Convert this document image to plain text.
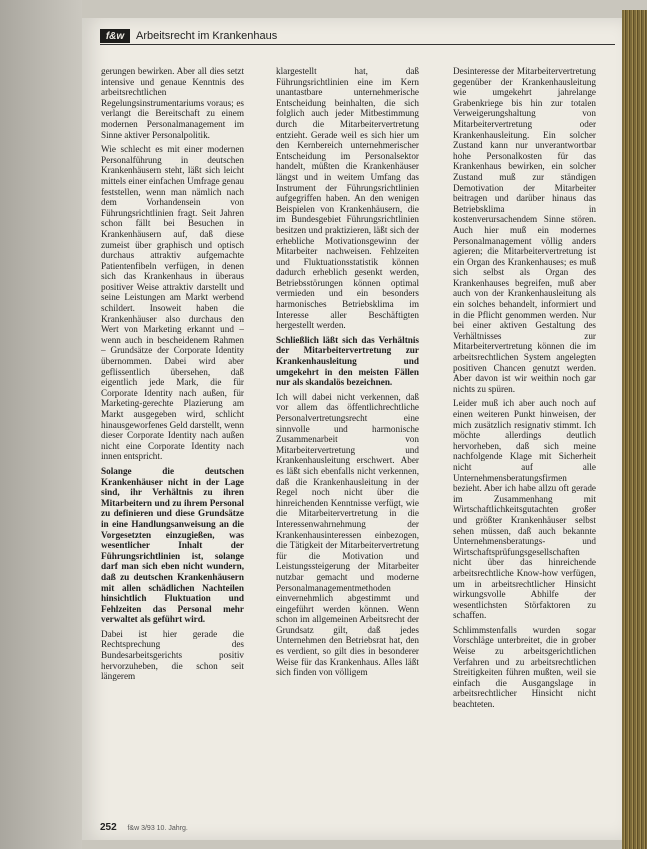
f&w	Arbeitsrecht im Krankenhaus

gerungen bewirken. Aber all dies setzt intensive und genaue Kenntnis des arbeitsrechtlichen Regelungsinstrumentariums voraus; es verlangt die Bereitschaft zu einem modernen Personalmanagement im Sinne aktiver Personalpolitik.

Wie schlecht es mit einer modernen Personalführung in deutschen Krankenhäusern steht, läßt sich leicht mittels einer einfachen Umfrage genau feststellen, wenn man nämlich nach dem Vorhandensein von Führungsrichtlinien fragt. Seit Jahren schon fällt bei Besuchen in Krankenhäusern auf, daß diese zumeist über graphisch und optisch durchaus attraktiv aufgemachte Patientenfibeln verfügen, in denen sich das Krankenhaus in überaus positiver Weise attraktiv darstellt und seine Leistungen am Markt werbend schildert. Insoweit haben die Krankenhäuser also durchaus den Wert von Marketing erkannt und – wenn auch in bescheidenem Rahmen – Grundsätze der Corporate Identity übernommen. Dabei wird aber geflissentlich übersehen, daß eigentlich jede Mark, die für Corporate Identity nach außen, für Marketing-gerechte Plazierung am Markt ausgegeben wird, schlicht hinausgeworfenes Geld darstellt, wenn dieser Corporate Identity nach außen nicht eine Corporate Identity nach innen entspricht.

Solange die deutschen Krankenhäuser nicht in der Lage sind, ihr Verhältnis zu ihren Mitarbeitern und zu ihrem Personal zu definieren und diese Grundsätze in eine Handlungsanweisung an die Vorgesetzten einzugießen, was wesentlicher Inhalt der Führungsrichtlinien ist, solange darf man sich eben nicht wundern, daß zu deutschen Krankenhäusern mit allen schädlichen Nachteilen hinsichtlich Fluktuation und Fehlzeiten das Personal mehr verwaltet als geführt wird.

Dabei ist hier gerade die Rechtsprechung des Bundesarbeitsgerichts positiv hervorzuheben, die schon seit längerem

klargestellt hat, daß Führungsrichtlinien eine im Kern unantastbare unternehmerische Entscheidung beinhalten, die sich folglich auch jeder Mitbestimmung durch die Mitarbeitervertretung entzieht. Gerade weil es sich hier um den Kernbereich unternehmerischer Entscheidung im Personalsektor handelt, müßten die Krankenhäuser längst und in weitem Umfang das Instrument der Führungsrichtlinien aufgegriffen haben. An den wenigen Beispielen von Krankenhäusern, die im Bundesgebiet Führungsrichtlinien besitzen und praktizieren, läßt sich der erhebliche Motivationsgewinn der Mitarbeiter nachweisen. Fehlzeiten und Fluktuationsstatistik können dadurch erheblich gesenkt werden, Betriebsstörungen können optimal vermieden und ein besonders harmonisches Betriebsklima im Interesse aller Beschäftigten hergestellt werden.

Schließlich läßt sich das Verhältnis der Mitarbeitervertretung zur Krankenhausleitung und umgekehrt in den meisten Fällen nur als skandalös bezeichnen.

Ich will dabei nicht verkennen, daß vor allem das öffentlichrechtliche Personalvertretungsrecht eine sinnvolle und harmonische Zusammenarbeit von Mitarbeitervertretung und Krankenhausleitung erschwert. Aber es läßt sich ebenfalls nicht verkennen, daß die Krankenhausleitung in der Regel noch nicht über die hinreichenden Kenntnisse verfügt, wie die Mitarbeitervertretung in die Interessenwahrnehmung der Krankenhausinteressen einbezogen, die Tätigkeit der Mitarbeitervertretung für die Motivation und Leistungssteigerung der Mitarbeiter nutzbar gemacht und moderne Personalmanagementmethoden einvernehmlich abgestimmt und eingeführt werden können. Wenn schon im allgemeinen Arbeitsrecht der Grundsatz gilt, daß jedes Unternehmen den Betriebsrat hat, den es verdient, so gilt dies in besonderer Weise für das Krankenhaus. Alles läßt sich finden von völligem

Desinteresse der Mitarbeitervertretung gegenüber der Krankenhausleitung wie umgekehrt jahrelange Grabenkriege bis hin zur totalen Verweigerungshaltung von Mitarbeitervertretung oder Krankenhausleitung. Ein solcher Zustand kann nur unverantwortbar hohe Personalkosten für das Krankenhaus bewirken, ein solcher Zustand muß zur ständigen Demotivation der Mitarbeiter beitragen und darüber hinaus das Betriebsklima in kostenverursachendem Sinne stören. Auch hier muß ein modernes Personalmanagement völlig anders agieren; die Mitarbeitervertretung ist ein Organ des Krankenhauses; es muß sich selbst als Organ des Krankenhauses begreifen, muß aber auch von der Krankenhausleitung als ein solches behandelt, informiert und in die Pflicht genommen werden. Nur bei einer aktiven Gestaltung des Verhältnisses zur Mitarbeitervertretung können die im arbeitsrechtlichen System angelegten positiven Chancen genutzt werden. Aber davon ist wir weithin noch gar nichts zu spüren.

Leider muß ich aber auch noch auf einen weiteren Punkt hinweisen, der mich zusätzlich resignativ stimmt. Ich möchte allerdings deutlich hervorheben, daß sich meine nachfolgende Klage mit Sicherheit nicht auf alle Unternehmensberatungsfirmen bezieht. Aber ich habe allzu oft gerade im Zusammenhang mit Wirtschaftlichkeitsgutachten großer und größter Krankenhäuser selbst sehen müssen, daß auch bekannte Unternehmensberatungs- und Wirtschaftsprüfungsgesellschaften nicht über das hinreichende arbeitsrechtliche Know-how verfügen, um in arbeitsrechtlicher Hinsicht wirkungsvolle Abhilfe der wesentlichsten Störfaktoren zu schaffen.

Schlimmstenfalls wurden sogar Vorschläge unterbreitet, die in grober Weise zu arbeitsgerichtlichen Verfahren und zu arbeitsrechtlichen Streitigkeiten führen mußten, weil sie einfach die Ausgangslage in arbeitsrechtlicher Hinsicht nicht beachteten.

252 f&w 3/93 10. Jahrg.
